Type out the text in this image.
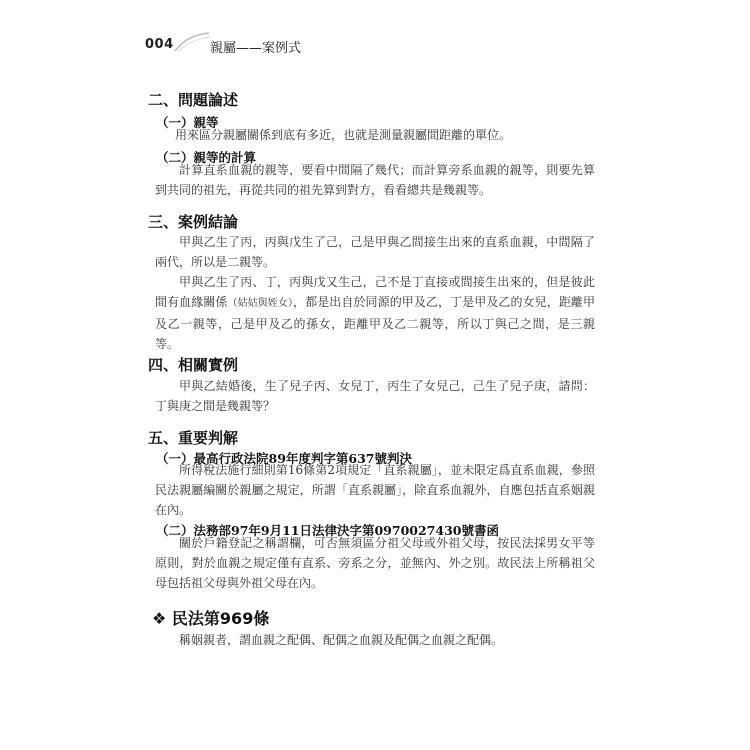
004	親屬——案例式
二、問題論述
（一）親等
用來區分親屬關係到底有多近，也就是測量親屬間距離的單位。
（二）親等的計算
計算直系血親的親等，要看中間隔了幾代；而計算旁系血親的親等，則要先算到共同的祖先，再從共同的祖先算到對方，看看總共是幾親等。
三、案例結論
甲與乙生了丙，丙與戊生了己，己是甲與乙間接生出來的直系血親，中間隔了兩代，所以是二親等。
甲與乙生了丙、丁，丙與戊又生己，己不是丁直接或間接生出來的，但是彼此間有血緣關係（姑姑與姪女），都是出自於同源的甲及乙，丁是甲及乙的女兒，距離甲及乙一親等，己是甲及乙的孫女，距離甲及乙二親等，所以丁與己之間，是三親等。
四、相關實例
甲與乙結婚後，生了兒子丙、女兒丁，丙生了女兒己，己生了兒子庚，請問：丁與庚之間是幾親等？
五、重要判解
（一）最高行政法院89年度判字第637號判決
所得稅法施行細則第16條第2項規定「直系親屬」，並未限定爲直系血親，參照民法親屬編關於親屬之規定，所謂「直系親屬」，除直系血親外，自應包括直系姻親在內。
（二）法務部97年9月11日法律決字第0970027430號書函
關於戶籍登記之稱謂欄，可否無須區分祖父母或外祖父母，按民法採男女平等原則，對於血親之規定僅有直系、旁系之分，並無內、外之別。故民法上所稱祖父母包括祖父母與外祖父母在內。
❖ 民法第969條
稱姻親者，謂血親之配偶、配偶之血親及配偶之血親之配偶。
